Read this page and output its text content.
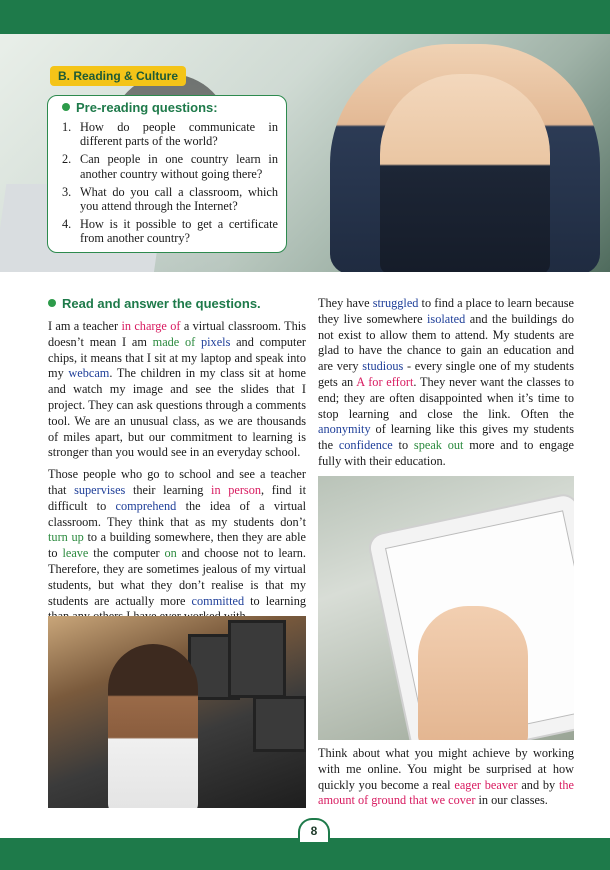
B. Reading & Culture
Pre-reading questions:
1. How do people communicate in different parts of the world?
2. Can people in one country learn in another country without going there?
3. What do you call a classroom, which you attend through the Internet?
4. How is it possible to get a certificate from another country?
Read and answer the questions.

I am a teacher in charge of a virtual classroom. This doesn’t mean I am made of pixels and computer chips, it means that I sit at my laptop and speak into my webcam. The children in my class sit at home and watch my image and see the slides that I project. They can ask questions through a comments tool. We are an unusual class, as we are thousands of miles apart, but our commitment to learning is stronger than you would see in an everyday school.

Those people who go to school and see a teacher that supervises their learning in person, find it difficult to comprehend the idea of a virtual classroom. They think that as my students don’t turn up to a building somewhere, then they are able to leave the computer on and choose not to learn. Therefore, they are sometimes jealous of my virtual students, but what they don’t realise is that my students are actually more committed to learning

They have struggled to find a place to learn because they live somewhere isolated and the buildings do not exist to allow them to attend. My students are glad to have the chance to gain an education and are very studious - every single one of my students gets an A for effort. They never want the classes to end; they are often disappointed when it’s time to stop learning and close the link. Often the anonymity of learning like this gives my students the confidence to speak out more and to engage fully with their education.

Think about what you might achieve by working with me online. You might be surprised at how quickly you become a real eager beaver and by the amount of ground that we cover in our classes.

8
